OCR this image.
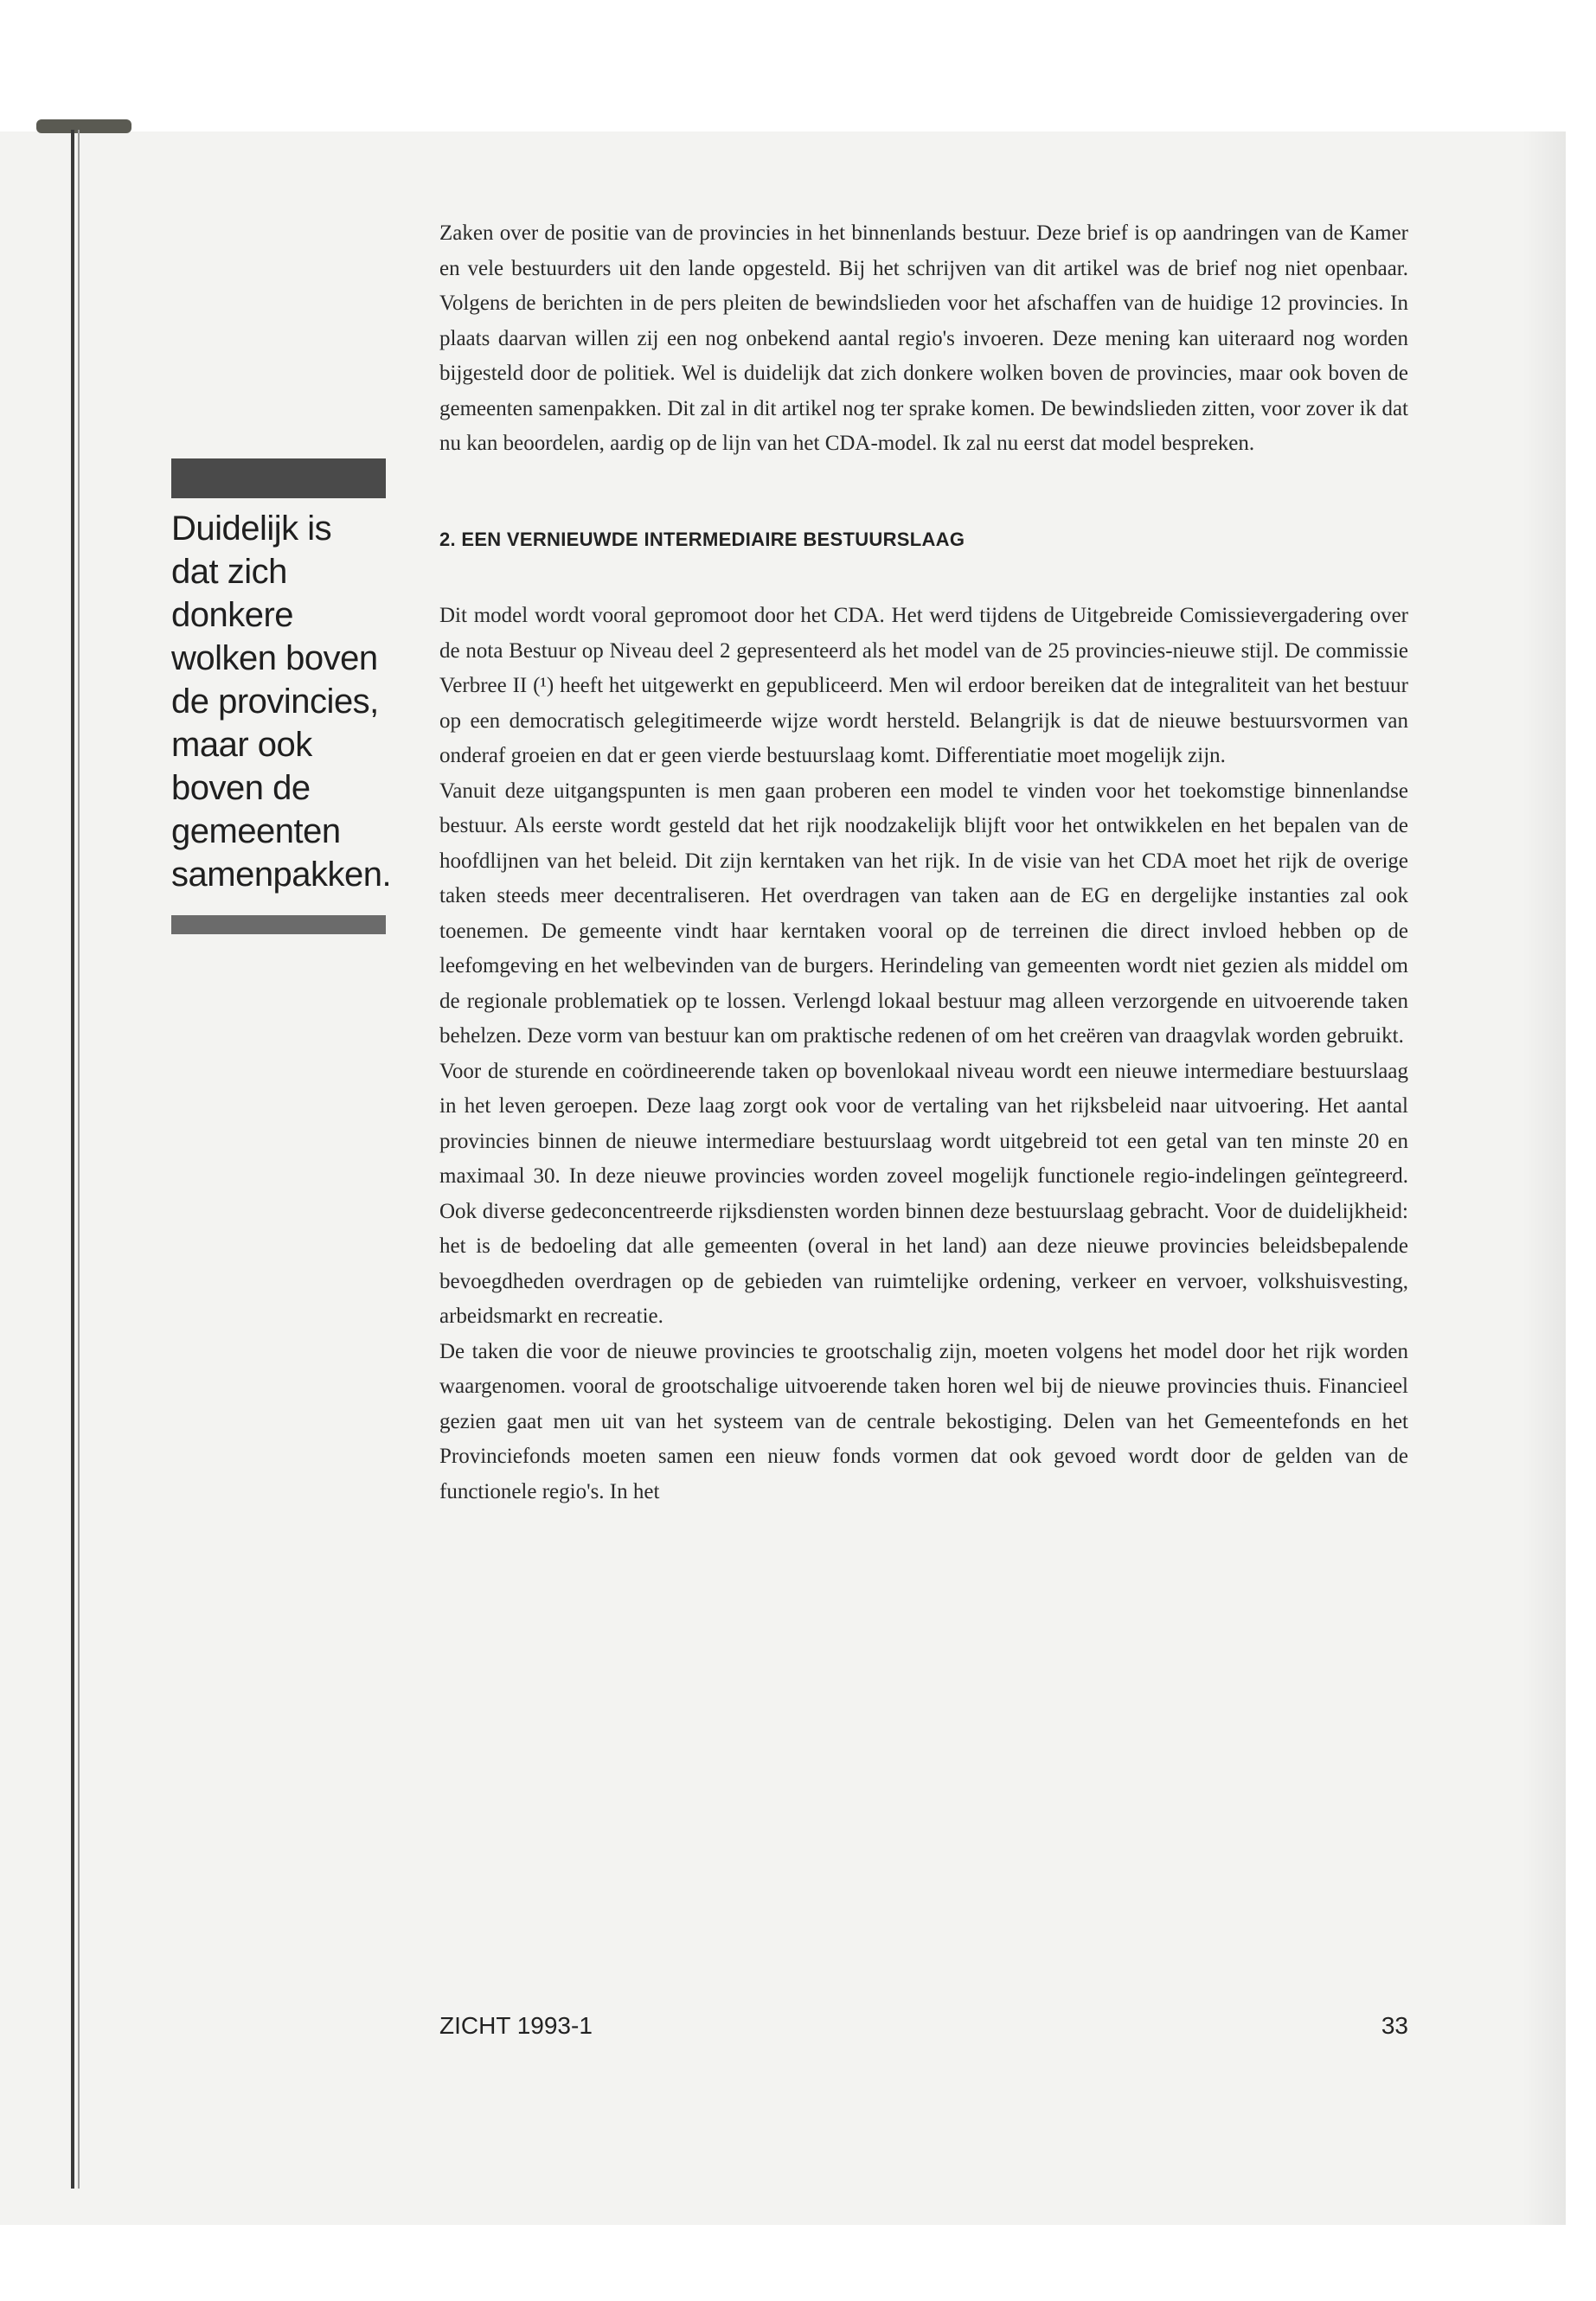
Duidelijk is dat zich donkere wolken boven de provincies, maar ook boven de gemeenten samenpakken.

Zaken over de positie van de provincies in het binnenlands bestuur. Deze brief is op aandringen van de Kamer en vele bestuurders uit den lande opgesteld. Bij het schrijven van dit artikel was de brief nog niet openbaar. Volgens de berichten in de pers pleiten de bewindslieden voor het afschaffen van de huidige 12 provincies. In plaats daarvan willen zij een nog onbekend aantal regio's invoeren. Deze mening kan uiteraard nog worden bijgesteld door de politiek. Wel is duidelijk dat zich donkere wolken boven de provincies, maar ook boven de gemeenten samenpakken. Dit zal in dit artikel nog ter sprake komen. De bewindslieden zitten, voor zover ik dat nu kan beoordelen, aardig op de lijn van het CDA-model. Ik zal nu eerst dat model bespreken.

2. EEN VERNIEUWDE INTERMEDIAIRE BESTUURSLAAG

Dit model wordt vooral gepromoot door het CDA. Het werd tijdens de Uitgebreide Comissievergadering over de nota Bestuur op Niveau deel 2 gepresenteerd als het model van de 25 provincies-nieuwe stijl. De commissie Verbree II (¹) heeft het uitgewerkt en gepubliceerd. Men wil erdoor bereiken dat de integraliteit van het bestuur op een democratisch gelegitimeerde wijze wordt hersteld. Belangrijk is dat de nieuwe bestuursvormen van onderaf groeien en dat er geen vierde bestuurslaag komt. Differentiatie moet mogelijk zijn.

Vanuit deze uitgangspunten is men gaan proberen een model te vinden voor het toekomstige binnenlandse bestuur. Als eerste wordt gesteld dat het rijk noodzakelijk blijft voor het ontwikkelen en het bepalen van de hoofdlijnen van het beleid. Dit zijn kerntaken van het rijk. In de visie van het CDA moet het rijk de overige taken steeds meer decentraliseren. Het overdragen van taken aan de EG en dergelijke instanties zal ook toenemen. De gemeente vindt haar kerntaken vooral op de terreinen die direct invloed hebben op de leefomgeving en het welbevinden van de burgers. Herindeling van gemeenten wordt niet gezien als middel om de regionale problematiek op te lossen. Verlengd lokaal bestuur mag alleen verzorgende en uitvoerende taken behelzen. Deze vorm van bestuur kan om praktische redenen of om het creëren van draagvlak worden gebruikt.

Voor de sturende en coördineerende taken op bovenlokaal niveau wordt een nieuwe intermediare bestuurslaag in het leven geroepen. Deze laag zorgt ook voor de vertaling van het rijksbeleid naar uitvoering. Het aantal provincies binnen de nieuwe intermediare bestuurslaag wordt uitgebreid tot een getal van ten minste 20 en maximaal 30. In deze nieuwe provincies worden zoveel mogelijk functionele regio-indelingen geïntegreerd. Ook diverse gedeconcentreerde rijksdiensten worden binnen deze bestuurslaag gebracht. Voor de duidelijkheid: het is de bedoeling dat alle gemeenten (overal in het land) aan deze nieuwe provincies beleidsbepalende bevoegdheden overdragen op de gebieden van ruimtelijke ordening, verkeer en vervoer, volkshuisvesting, arbeidsmarkt en recreatie.

De taken die voor de nieuwe provincies te grootschalig zijn, moeten volgens het model door het rijk worden waargenomen. vooral de grootschalige uitvoerende taken horen wel bij de nieuwe provincies thuis. Financieel gezien gaat men uit van het systeem van de centrale bekostiging. Delen van het Gemeentefonds en het Provinciefonds moeten samen een nieuw fonds vormen dat ook gevoed wordt door de gelden van de functionele regio's. In het

ZICHT 1993-1	33
